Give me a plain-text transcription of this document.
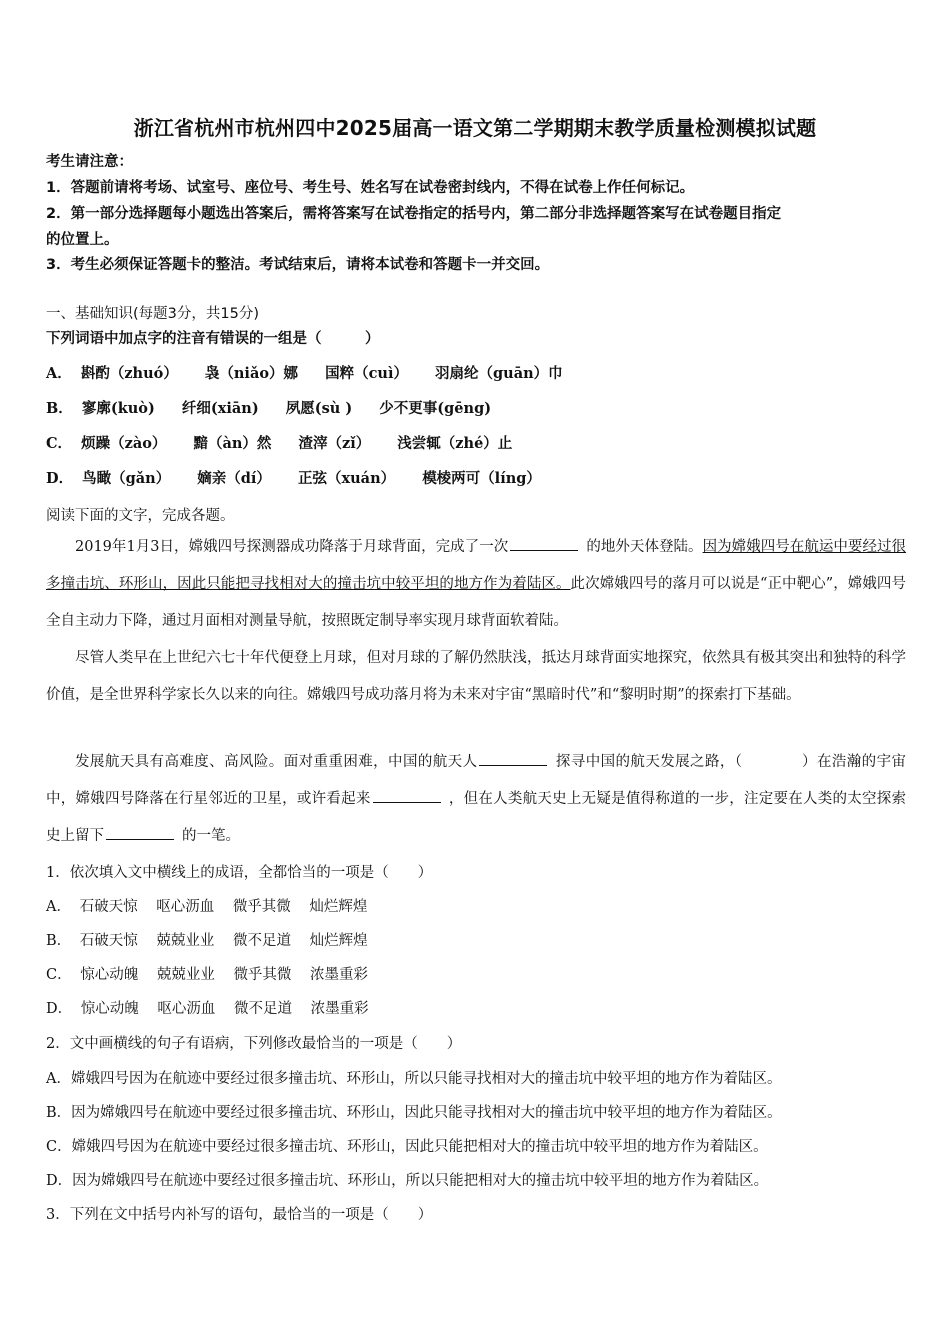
浙江省杭州市杭州四中2025届高一语文第二学期期末教学质量检测模拟试题
考生请注意：
1．答题前请将考场、试室号、座位号、考生号、姓名写在试卷密封线内，不得在试卷上作任何标记。
2．第一部分选择题每小题选出答案后，需将答案写在试卷指定的括号内，第二部分非选择题答案写在试卷题目指定
的位置上。
3．考生必须保证答题卡的整洁。考试结束后，请将本试卷和答题卡一并交回。
一、基础知识(每题3分，共15分)
下列词语中加点字的注音有错误的一组是（　　　）
A． 斟酌（zhuó） 袅（niǎo）娜 国粹（cuì） 羽扇纶（guān）巾
B． 寥廓(kuò) 纤细(xiān) 夙愿(sù ) 少不更事(gēng)
C． 烦躁（zào） 黯（àn）然 渣滓（zǐ） 浅尝辄（zhé）止
D． 鸟瞰（gǎn） 嫡亲（dí） 正弦（xuán） 模棱两可（líng）
阅读下面的文字，完成各题。
2019年1月3日，嫦娥四号探测器成功降落于月球背面，完成了一次	的地外天体登陆。因为嫦娥四号在航运中要经过很多撞击坑、环形山，因此只能把寻找相对大的撞击坑中较平坦的地方作为着陆区。此次嫦娥四号的落月可以说是“正中靶心”，嫦娥四号全自主动力下降，通过月面相对测量导航，按照既定制导率实现月球背面软着陆。
尽管人类早在上世纪六七十年代便登上月球，但对月球的了解仍然肤浅，抵达月球背面实地探究，依然具有极其突出和独特的科学价值，是全世界科学家长久以来的向往。嫦娥四号成功落月将为未来对宇宙“黑暗时代”和“黎明时期”的探索打下基础。
发展航天具有高难度、高风险。面对重重困难，中国的航天人	探寻中国的航天发展之路，（　　　　）在浩瀚的宇宙中，嫦娥四号降落在行星邻近的卫星，或许看起来	，但在人类航天史上无疑是值得称道的一步，注定要在人类的太空探索史上留下	的一笔。
1．依次填入文中横线上的成语，全都恰当的一项是（　　）
A． 石破天惊 呕心沥血 微乎其微 灿烂辉煌
B． 石破天惊 兢兢业业 微不足道 灿烂辉煌
C． 惊心动魄 兢兢业业 微乎其微 浓墨重彩
D． 惊心动魄 呕心沥血 微不足道 浓墨重彩
2．文中画横线的句子有语病，下列修改最恰当的一项是（　　）
A．嫦娥四号因为在航迹中要经过很多撞击坑、环形山，所以只能寻找相对大的撞击坑中较平坦的地方作为着陆区。
B．因为嫦娥四号在航迹中要经过很多撞击坑、环形山，因此只能寻找相对大的撞击坑中较平坦的地方作为着陆区。
C．嫦娥四号因为在航迹中要经过很多撞击坑、环形山，因此只能把相对大的撞击坑中较平坦的地方作为着陆区。
D．因为嫦娥四号在航迹中要经过很多撞击坑、环形山，所以只能把相对大的撞击坑中较平坦的地方作为着陆区。
3．下列在文中括号内补写的语句，最恰当的一项是（　　）
